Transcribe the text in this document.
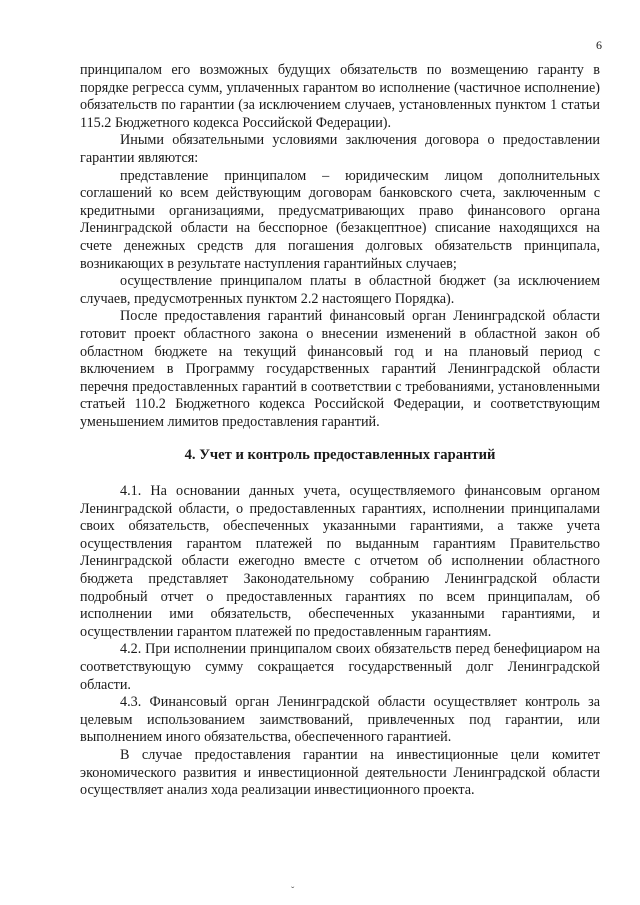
6

принципалом его возможных будущих обязательств по возмещению гаранту в порядке регресса сумм, уплаченных гарантом во исполнение (частичное исполнение) обязательств по гарантии (за исключением случаев, установленных пунктом 1 статьи 115.2 Бюджетного кодекса Российской Федерации).

Иными обязательными условиями заключения договора о предоставлении гарантии являются:

представление принципалом – юридическим лицом дополнительных соглашений ко всем действующим договорам банковского счета, заключенным с кредитными организациями, предусматривающих право финансового органа Ленинградской области на бесспорное (безакцептное) списание находящихся на счете денежных средств для погашения долговых обязательств принципала, возникающих в результате наступления гарантийных случаев;

осуществление принципалом платы в областной бюджет (за исключением случаев, предусмотренных пунктом 2.2 настоящего Порядка).

После предоставления гарантий финансовый орган Ленинградской области готовит проект областного закона о внесении изменений в областной закон об областном бюджете на текущий финансовый год и на плановый период с включением в Программу государственных гарантий Ленинградской области перечня предоставленных гарантий в соответствии с требованиями, установленными статьей 110.2 Бюджетного кодекса Российской Федерации, и соответствующим уменьшением лимитов предоставления гарантий.

4. Учет и контроль предоставленных гарантий

4.1. На основании данных учета, осуществляемого финансовым органом Ленинградской области, о предоставленных гарантиях, исполнении принципалами своих обязательств, обеспеченных указанными гарантиями, а также учета осуществления гарантом платежей по выданным гарантиям Правительство Ленинградской области ежегодно вместе с отчетом об исполнении областного бюджета представляет Законодательному собранию Ленинградской области подробный отчет о предоставленных гарантиях по всем принципалам, об исполнении ими обязательств, обеспеченных указанными гарантиями, и осуществлении гарантом платежей по предоставленным гарантиям.

4.2. При исполнении принципалом своих обязательств перед бенефициаром на соответствующую сумму сокращается государственный долг Ленинградской области.

4.3. Финансовый орган Ленинградской области осуществляет контроль за целевым использованием заимствований, привлеченных под гарантии, или выполнением иного обязательства, обеспеченного гарантией.

В случае предоставления гарантии на инвестиционные цели комитет экономического развития и инвестиционной деятельности Ленинградской области осуществляет анализ хода реализации инвестиционного проекта.

ˇ
